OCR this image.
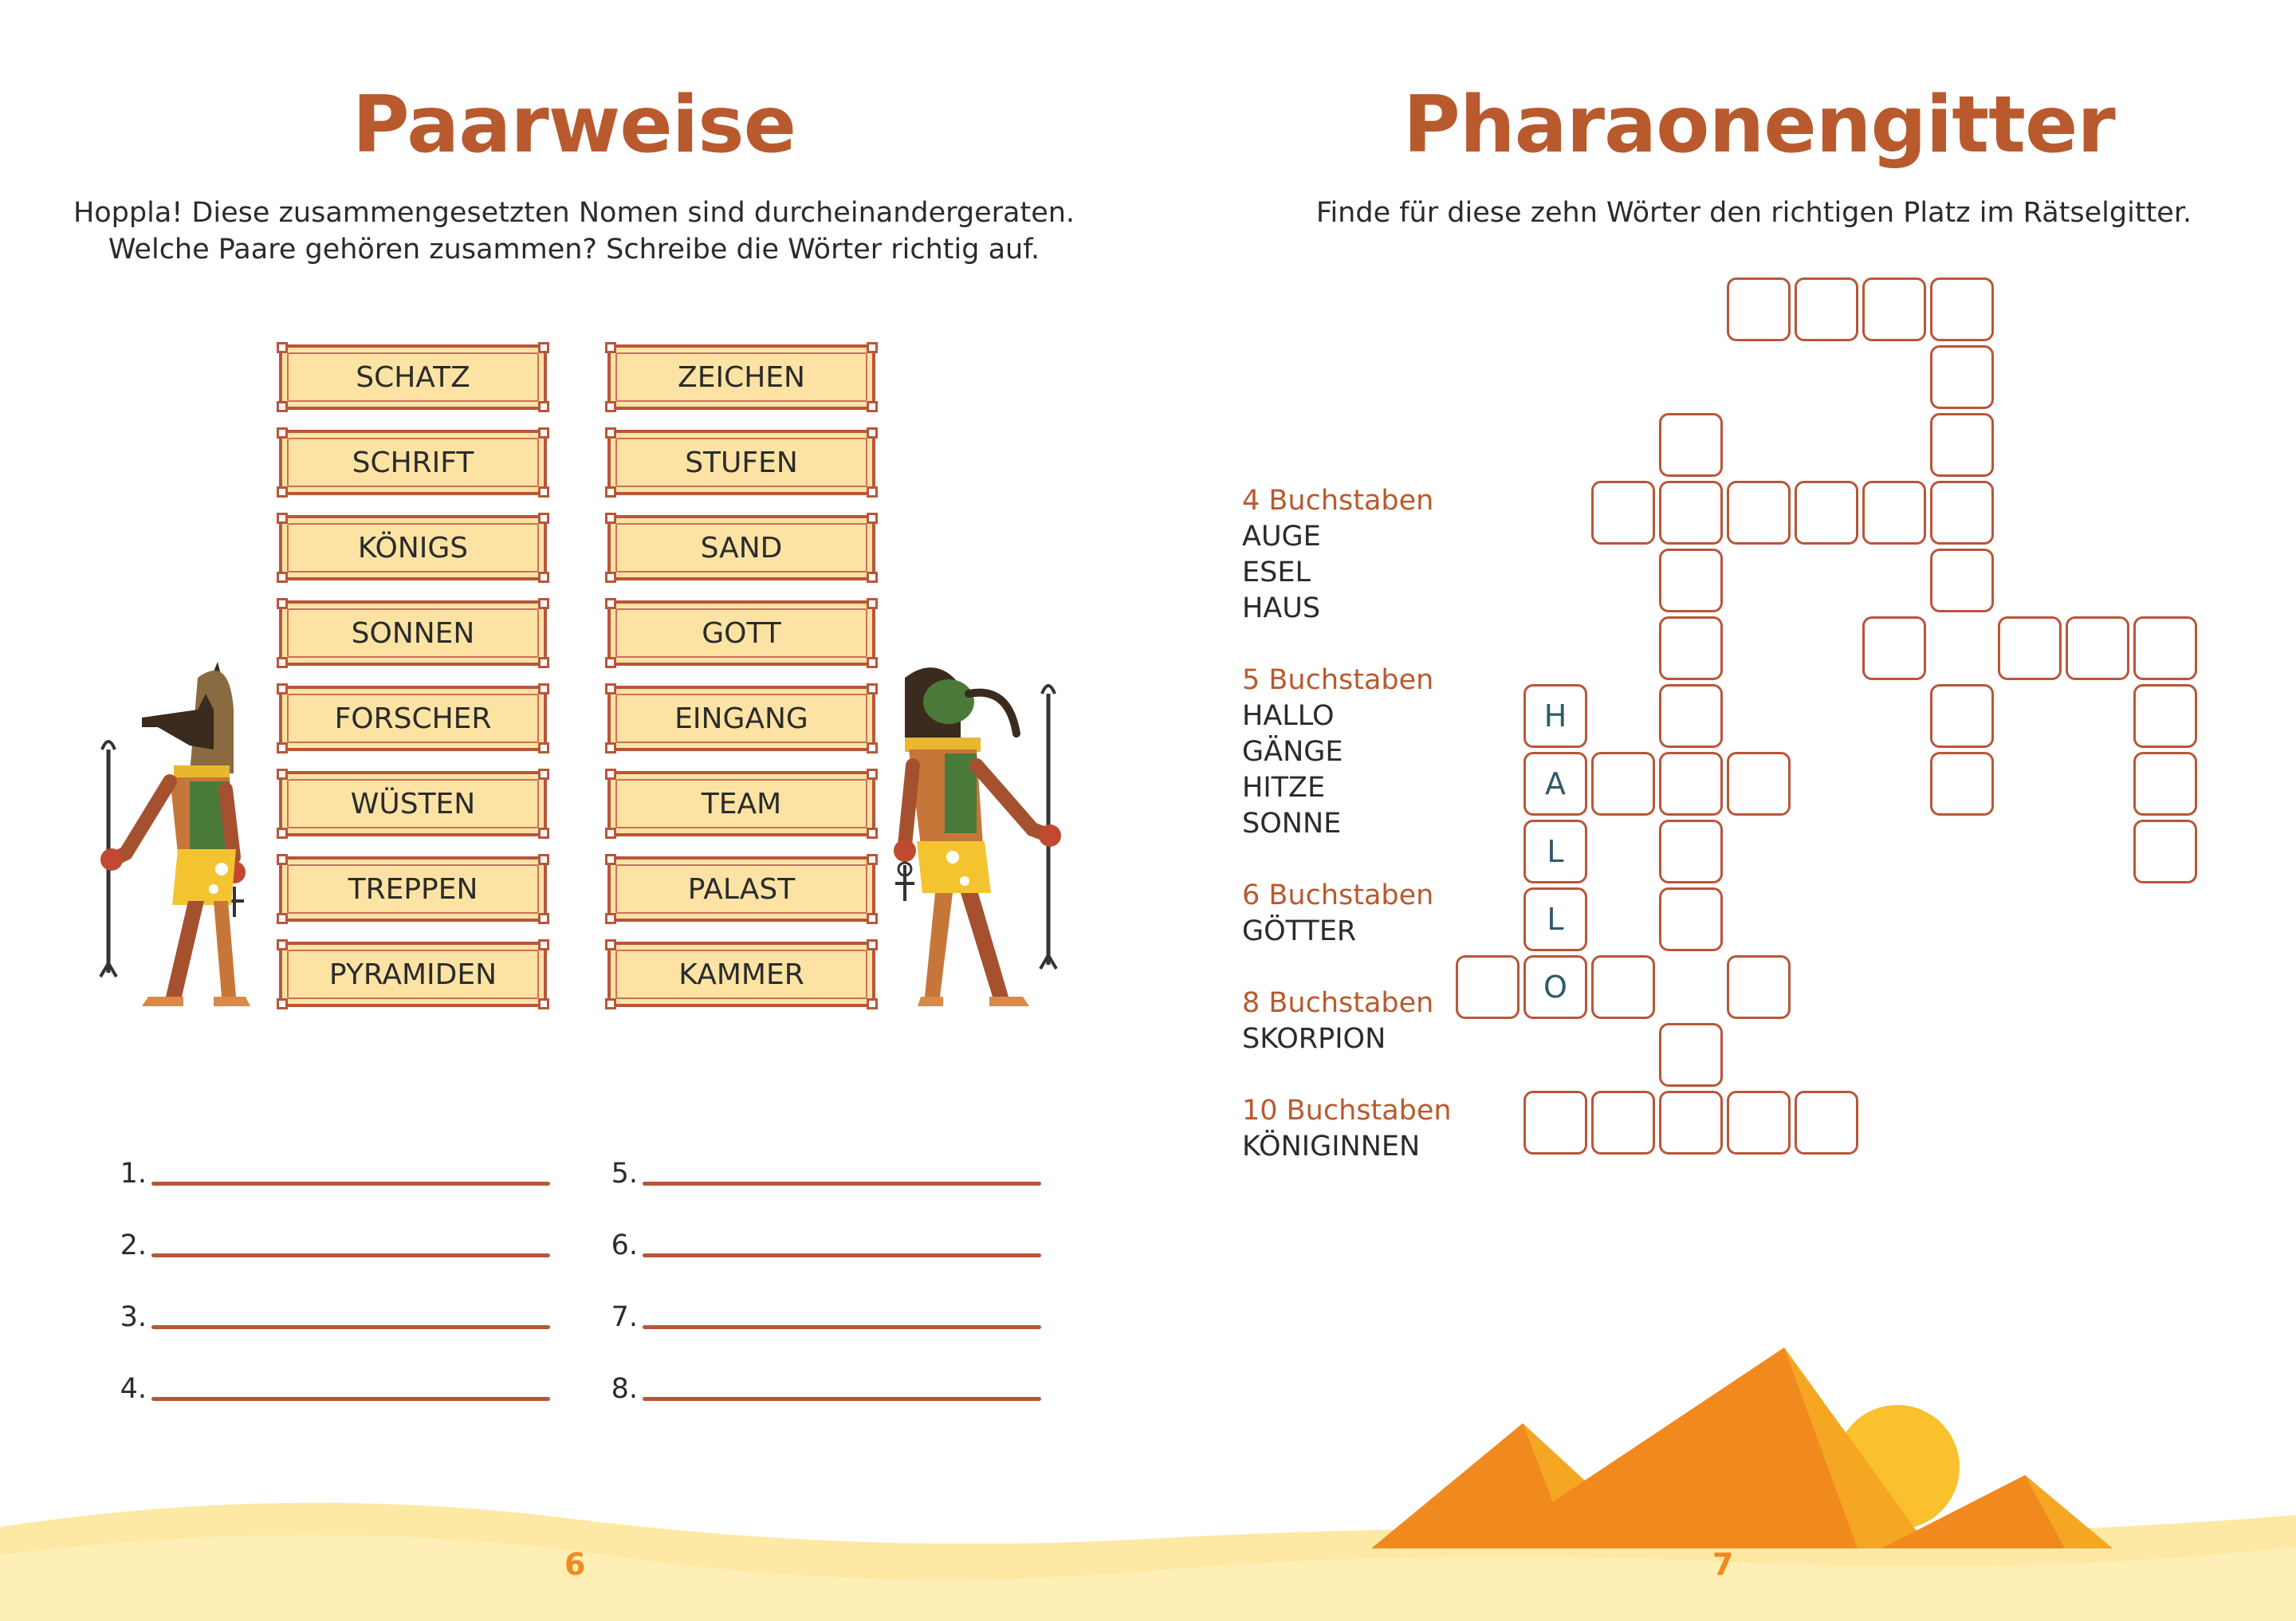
Paarweise
Hoppla! Diese zusammengesetzten Nomen sind durcheinandergeraten.
Welche Paare gehören zusammen? Schreibe die Wörter richtig auf.
SCHATZ
SCHRIFT
KÖNIGS
SONNEN
FORSCHER
WÜSTEN
TREPPEN
PYRAMIDEN
ZEICHEN
STUFEN
SAND
GOTT
EINGANG
TEAM
PALAST
KAMMER
1.
2.
3.
4.
5.
6.
7.
8.
6	7
Pharaonengitter
Finde für diese zehn Wörter den richtigen Platz im Rätselgitter.
4 Buchstaben
AUGE
ESEL
HAUS
5 Buchstaben
HALLO
GÄNGE
HITZE
SONNE
6 Buchstaben
GÖTTER
8 Buchstaben
SKORPION
10 Buchstaben
KÖNIGINNEN
H
A
L
L
O
